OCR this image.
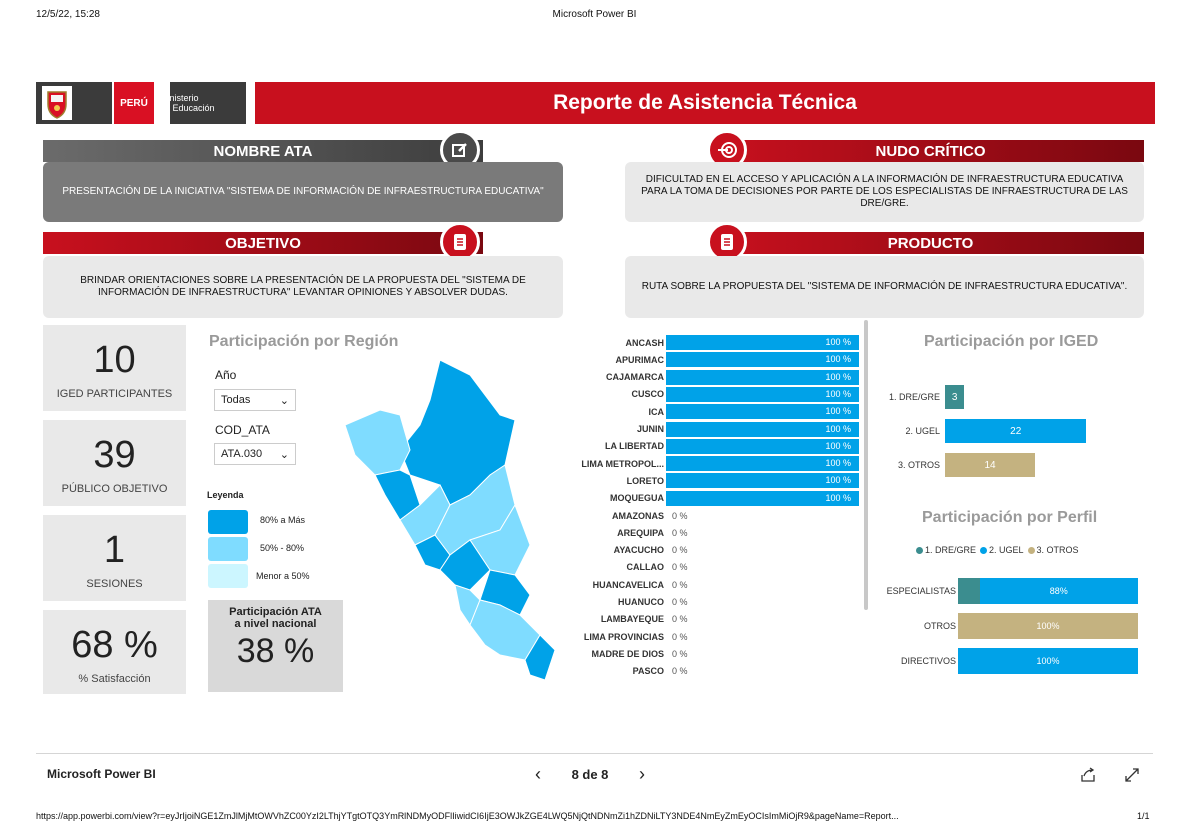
12/5/22, 15:28	Microsoft Power BI
PERÚ	Ministerio
de Educación	Reporte de Asistencia Técnica
NOMBRE ATA
PRESENTACIÓN DE LA INICIATIVA "SISTEMA DE INFORMACIÓN DE INFRAESTRUCTURA EDUCATIVA"
NUDO CRÍTICO
DIFICULTAD EN EL ACCESO Y APLICACIÓN A LA INFORMACIÓN DE INFRAESTRUCTURA EDUCATIVA PARA LA TOMA DE DECISIONES POR PARTE DE LOS ESPECIALISTAS DE INFRAESTRUCTURA DE LAS DRE/GRE.
OBJETIVO
BRINDAR ORIENTACIONES SOBRE LA PRESENTACIÓN DE LA PROPUESTA DEL "SISTEMA DE INFORMACIÓN DE INFRAESTRUCTURA" LEVANTAR OPINIONES Y ABSOLVER DUDAS.
PRODUCTO
RUTA SOBRE LA PROPUESTA DEL "SISTEMA DE INFORMACIÓN DE INFRAESTRUCTURA EDUCATIVA".
10
IGED PARTICIPANTES
39
PÚBLICO OBJETIVO
1
SESIONES
68 %
% Satisfacción
Participación por Región
Año
Todas	⌄
COD_ATA
ATA.030 ⌄
Leyenda
80% a Más
50% - 80%
Menor a 50%
Participación ATA
a nivel nacional
38 %
ANCASH	100 %
APURIMAC	100 %
CAJAMARCA	100 %
CUSCO	100 %
ICA	100 %
JUNIN	100 %
LA LIBERTAD	100 %
LIMA METROPOL...	100 %
LORETO	100 %
MOQUEGUA	100 %
AMAZONAS 0 %
AREQUIPA 0 %
AYACUCHO 0 %
CALLAO 0 %
HUANCAVELICA 0 %
HUANUCO 0 %
LAMBAYEQUE 0 %
LIMA PROVINCIAS 0 %
MADRE DE DIOS 0 %
PASCO 0 %
Participación por IGED
1. DRE/GRE	3
2. UGEL	22
3. OTROS	14
Participación por Perfil
1. DRE/GRE 2. UGEL 3. OTROS
ESPECIALISTAS	88%
OTROS	100%
DIRECTIVOS	100%
Microsoft Power BI	‹ 8 de 8 ›
https://app.powerbi.com/view?r=eyJrIjoiNGE1ZmJlMjMtOWVhZC00YzI2LThjYTgtOTQ3YmRlNDMyODFlIiwidCI6IjE3OWJkZGE4LWQ5NjQtNDNmZi1hZDNiLTY3NDE4NmEyZmEyOCIsImMiOjR9&pageName=Report...	1/1
